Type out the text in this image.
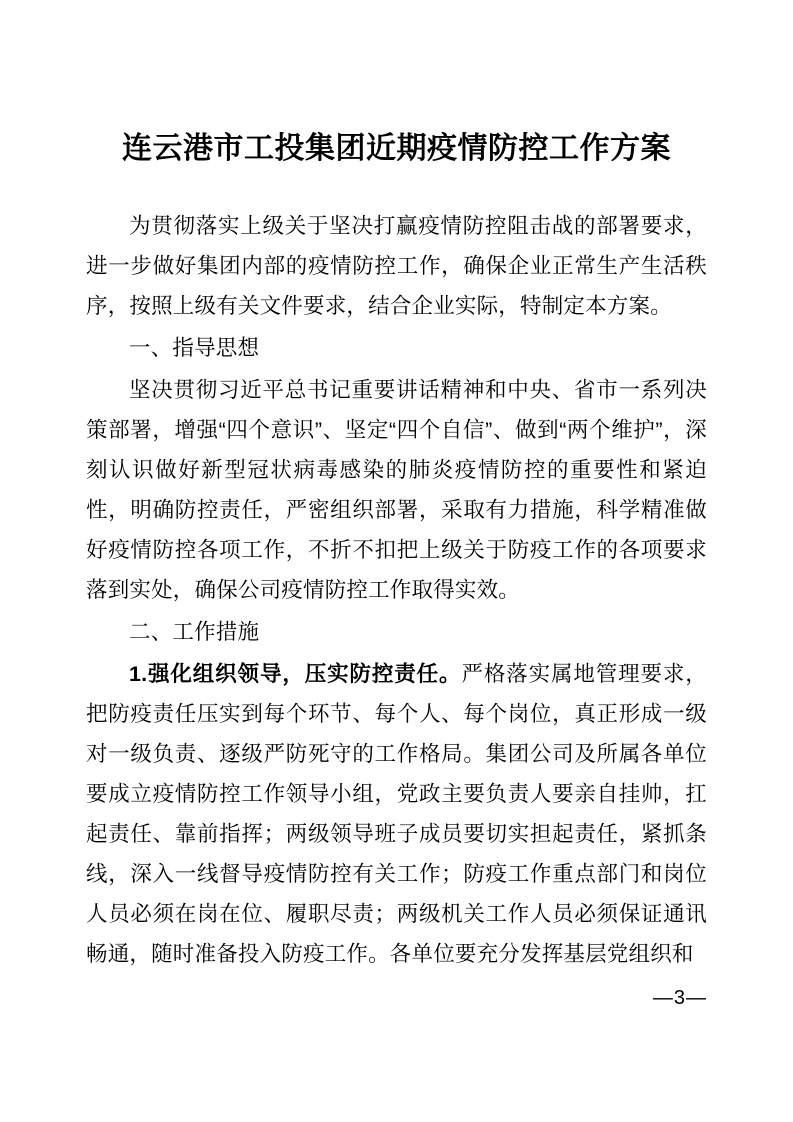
连云港市工投集团近期疫情防控工作方案

为贯彻落实上级关于坚决打赢疫情防控阻击战的部署要求，进一步做好集团内部的疫情防控工作，确保企业正常生产生活秩序，按照上级有关文件要求，结合企业实际，特制定本方案。

一、指导思想

坚决贯彻习近平总书记重要讲话精神和中央、省市一系列决策部署，增强“四个意识”、坚定“四个自信”、做到“两个维护”，深刻认识做好新型冠状病毒感染的肺炎疫情防控的重要性和紧迫性，明确防控责任，严密组织部署，采取有力措施，科学精准做好疫情防控各项工作，不折不扣把上级关于防疫工作的各项要求落到实处，确保公司疫情防控工作取得实效。

二、工作措施

1.强化组织领导，压实防控责任。严格落实属地管理要求，把防疫责任压实到每个环节、每个人、每个岗位，真正形成一级对一级负责、逐级严防死守的工作格局。集团公司及所属各单位要成立疫情防控工作领导小组，党政主要负责人要亲自挂帅，扛起责任、靠前指挥；两级领导班子成员要切实担起责任，紧抓条线，深入一线督导疫情防控有关工作；防疫工作重点部门和岗位人员必须在岗在位、履职尽责；两级机关工作人员必须保证通讯畅通，随时准备投入防疫工作。各单位要充分发挥基层党组织和

—3—
